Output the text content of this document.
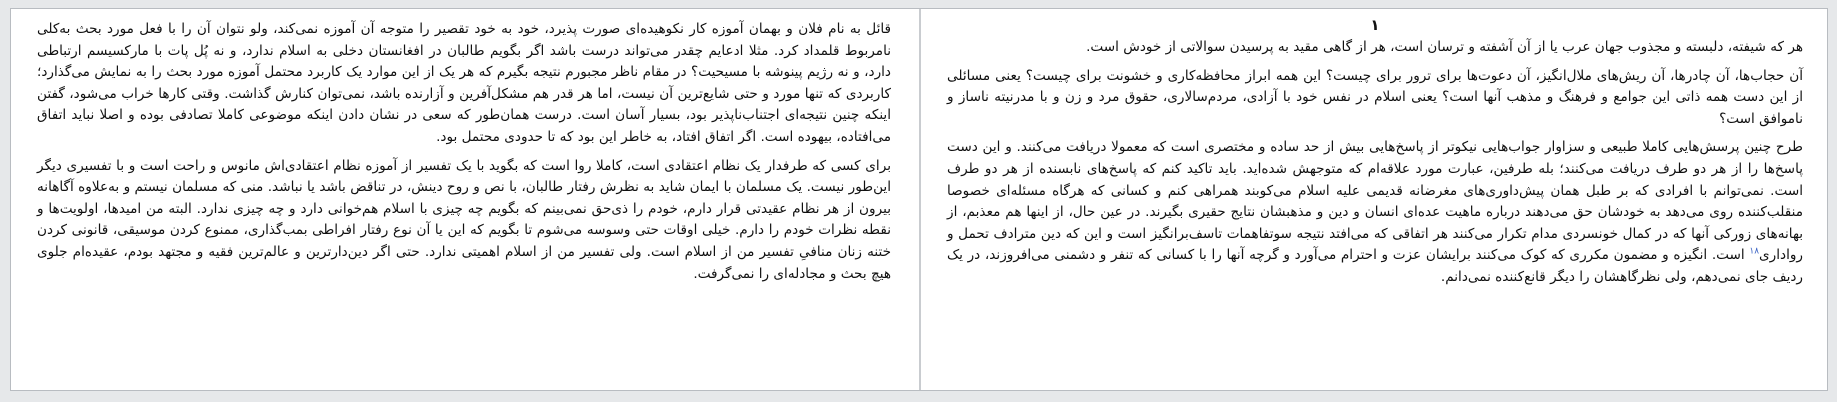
قائل به نام فلان و بهمان آموزه کار نکوهیده‌ای صورت پذیرد، خود به خود تقصیر را متوجه آن آموزه نمی‌کند، ولو نتوان آن را با فعل مورد بحث به‌کلی نامربوط قلمداد کرد. مثلا ادعایم چقدر می‌تواند درست باشد اگر بگویم طالبان در افغانستان دخلی به اسلام ندارد، و نه پُل پات با مارکسیسم ارتباطی دارد، و نه رژیم پینوشه با مسیحیت؟ در مقام ناظر مجبورم نتیجه بگیرم که هر یک از این موارد یک کاربرد محتمل آموزه مورد بحث را به نمایش می‌گذارد؛ کاربردی که تنها مورد و حتی شایع‌ترین آن نیست، اما هر قدر هم مشکل‌آفرین و آزارنده باشد، نمی‌توان کنارش گذاشت. وقتی کارها خراب می‌شود، گفتن اینکه چنین نتیجه‌ای اجتناب‌ناپذیر بود، بسیار آسان است. درست همان‌طور که سعی در نشان دادن اینکه موضوعی کاملا تصادفی بوده و اصلا نباید اتفاق می‌افتاده، بیهوده است. اگر اتفاق افتاد، به خاطر این بود که تا حدودی محتمل بود.

برای کسی که طرفدار یک نظام اعتقادی است، کاملا روا است که بگوید با یک تفسیر از آموزه نظام اعتقادی‌اش مانوس و راحت است و با تفسیری دیگر این‌طور نیست. یک مسلمان با ایمان شاید به نظرش رفتار طالبان، با نص و روح دینش، در تناقض باشد یا نباشد. منی که مسلمان نیستم و به‌علاوه آگاهانه بیرون از هر نظام عقیدتی قرار دارم، خودم را ذی‌حق نمی‌بینم که بگویم چه چیزی با اسلام هم‌خوانی دارد و چه چیزی ندارد. البته من امیدها، اولویت‌ها و نقطه نظرات خودم را دارم. خیلی اوقات حتی وسوسه می‌شوم تا بگویم که این یا آن نوع رفتار افراطی بمب‌گذاری، ممنوع کردن موسیقی، قانونی کردن ختنه زنان منافیِ تفسیر من از اسلام است. ولی تفسیر من از اسلام اهمیتی ندارد. حتی اگر دین‌دارترین و عالم‌ترین فقیه و مجتهد بودم، عقیده‌ام جلوی هیچ بحث و مجادله‌ای را نمی‌گرفت.

۱

هر که شیفته، دلبسته و مجذوب جهان عرب یا از آن آشفته و ترسان است، هر از گاهی مقید به پرسیدن سوالاتی از خودش است.

آن حجاب‌ها، آن چادرها، آن ریش‌های ملال‌انگیز، آن دعوت‌ها برای ترور برای چیست؟ این همه ابراز محافظه‌کاری و خشونت برای چیست؟ یعنی مسائلی از این دست همه ذاتی این جوامع و فرهنگ و مذهب آنها است؟ یعنی اسلام در نفس خود با آزادی، مردم‌سالاری، حقوق مرد و زن و با مدرنیته ناساز و ناموافق است؟

طرح چنین پرسش‌هایی کاملا طبیعی و سزاوار جواب‌هایی نیکوتر از پاسخ‌هایی بیش از حد ساده و مختصری است که معمولا دریافت می‌کنند. و این دست پاسخ‌ها را از هر دو طرف دریافت می‌کنند؛ بله طرفین، عبارت مورد علاقه‌ام که متوجهش شده‌اید. باید تاکید کنم که پاسخ‌های نابسنده از هر دو طرف است. نمی‌توانم با افرادی که بر طبل همان پیش‌داوری‌های مغرضانه قدیمی علیه اسلام می‌کوبند همراهی کنم و کسانی که هرگاه مسئله‌ای خصوصا منقلب‌کننده روی می‌دهد به خودشان حق می‌دهند درباره ماهیت عده‌ای انسان و دین و مذهبشان نتایج حقیری بگیرند. در عین حال، از اینها هم معذبم، از بهانه‌های زورکی آنها که در کمال خونسردی مدام تکرار می‌کنند هر اتفاقی که می‌افتد نتیجه سوتفاهمات تاسف‌برانگیز است و این که دین مترادف تحمل و رواداری$^{۱۸}$ است. انگیزه و مضمون مکرری که کوک می‌کنند برایشان عزت و احترام می‌آورد و گرچه آنها را با کسانی که تنفر و دشمنی می‌افروزند، در یک ردیف جای نمی‌دهم، ولی نظرگاهشان را دیگر قانع‌کننده نمی‌دانم.
